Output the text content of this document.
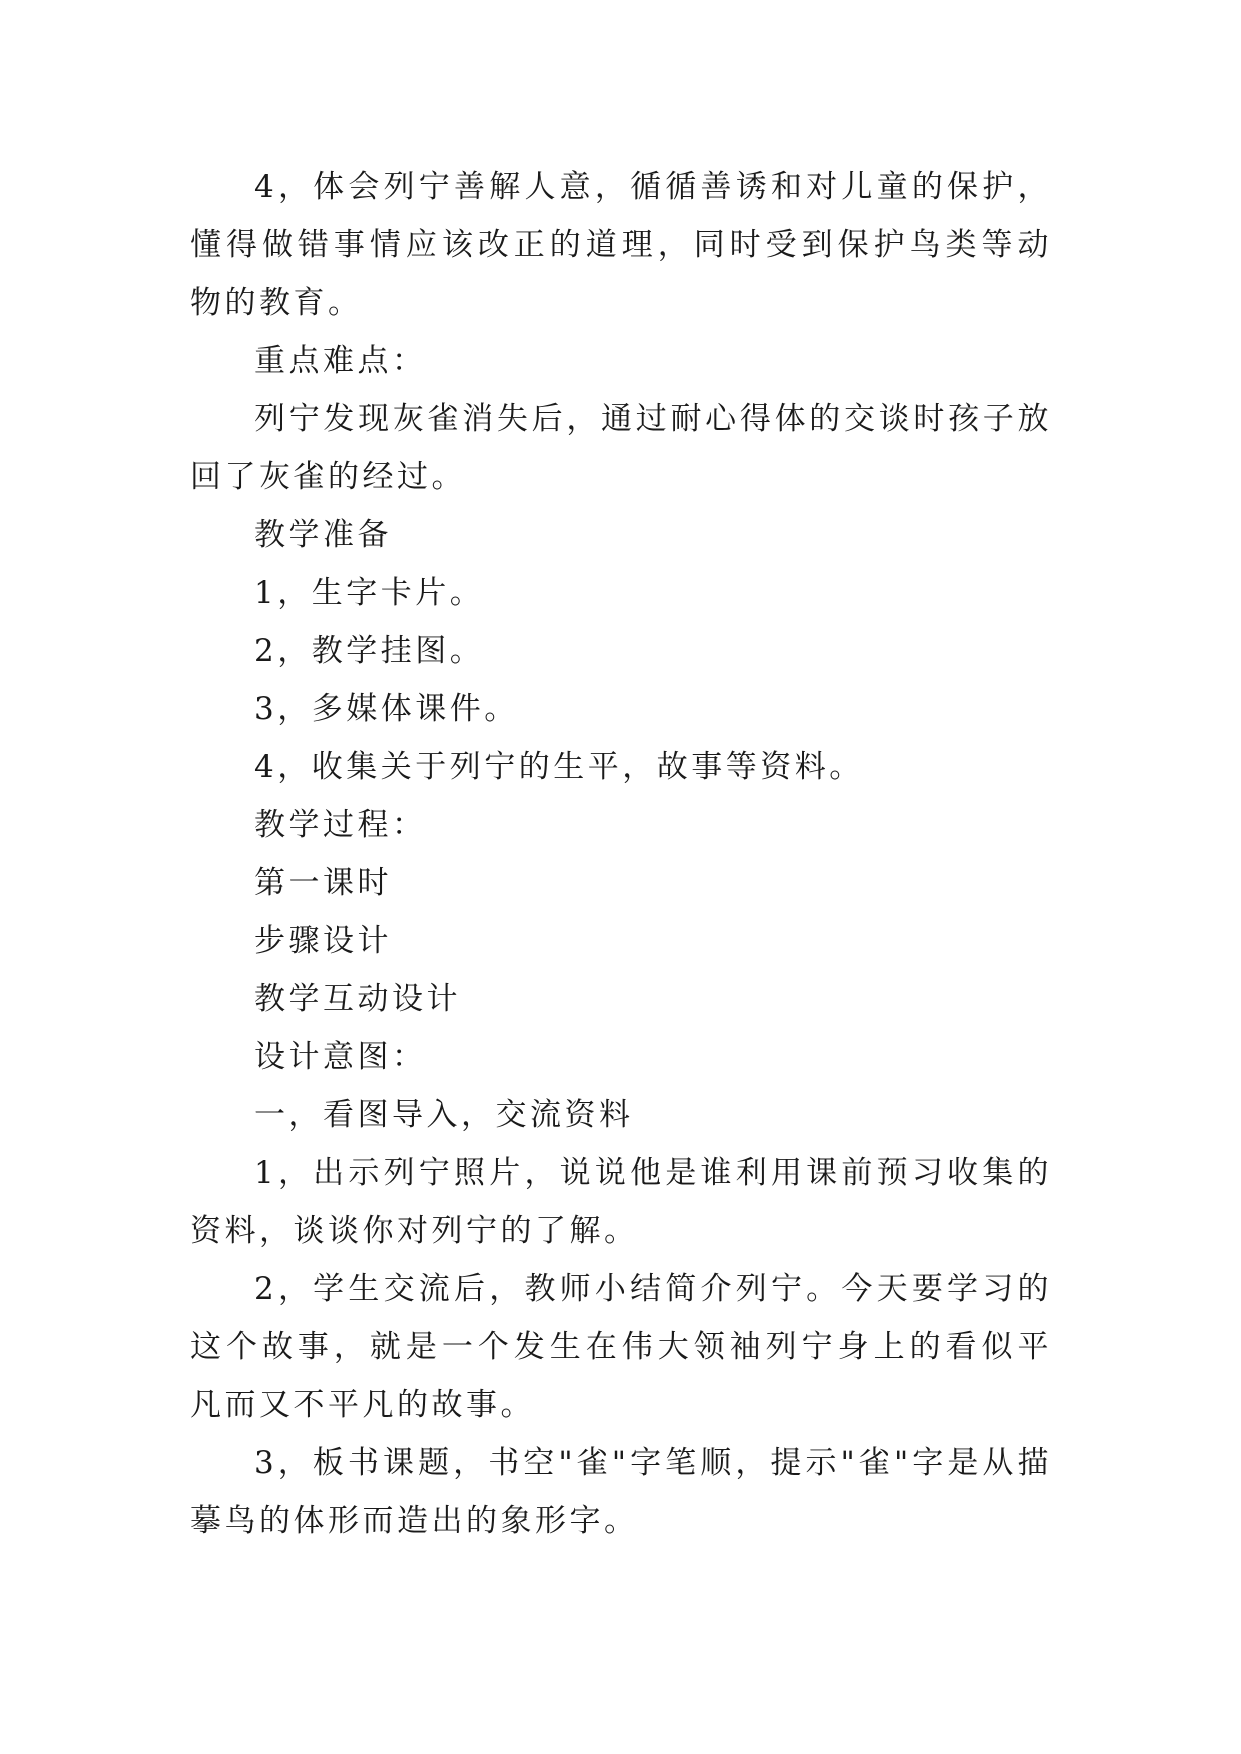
4，体会列宁善解人意，循循善诱和对儿童的保护，懂得做错事情应该改正的道理，同时受到保护鸟类等动物的教育。

重点难点：

列宁发现灰雀消失后，通过耐心得体的交谈时孩子放回了灰雀的经过。

教学准备

1，生字卡片。

2，教学挂图。

3，多媒体课件。

4，收集关于列宁的生平，故事等资料。

教学过程：

第一课时

步骤设计

教学互动设计

设计意图：

一，看图导入，交流资料

1，出示列宁照片，说说他是谁利用课前预习收集的资料，谈谈你对列宁的了解。

2，学生交流后，教师小结简介列宁。今天要学习的这个故事，就是一个发生在伟大领袖列宁身上的看似平凡而又不平凡的故事。

3，板书课题，书空"雀"字笔顺，提示"雀"字是从描摹鸟的体形而造出的象形字。
